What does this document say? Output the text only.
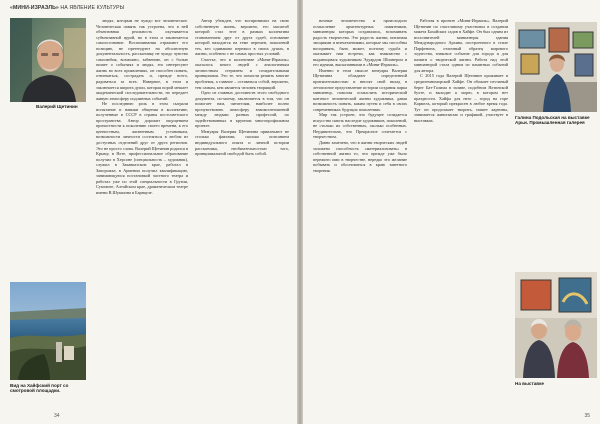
«МИНИ-ИЗРАЭЛЬ» НА ЯВЛЕНИЕ КУЛЬТУРЫ
Валерий Щетинин
Вид на Хайфский порт со смотровой площадки.

людях, которым не чуждо все человеческое. Человеческая память так устроена, что в ней объективная реальность окутывается субъективной аурой, но в этом и заключается самоосознание. Воспоминания отражают его позицию, не претендуют на абсолютную документальность, рассказчику не чуждо чувство самолюбия, возможно, забвению, он с болью пишет о событиях и людях, его интересуют жизнь во всех проявлениях, он способен понять, отвлекаться, сострадать и, прежде всего, радоваться за всех. Наверное, в этом и заключается широта души, которая порой мешает академической последовательности, но передает живую атмосферу подлинных событий.

Не последнюю роль в этом сыграли испытание и навыки общения в коллективе, полученные в СССР в страны постсоветского пространства. Автор дорожит ощущением причастности к поколению своего времени, к его ценностным, жизненным установкам, возможности личности состояться в любом из доступных отделений друг от друга регионов. Это не просто слова. Валерий Щетинин родился в Крыму, в Ялте, профессиональное образование получил в Херсоне (специальность – художник), служил в Закавказском крае, работал в Запорожье, в Армении получил квалификацию, занимающуюся постановкой частного театра и работал уже по этой специальности в Грузии, Сумгаите, Алтайском крае, драматическом театре имени В.Шукшина в Барнауле.

Автор убежден, что воспринимал на свою собственную жизнь, вероятно, его масштаб которой стал этот в рамках коллектива становлением друг от друга судеб, основание которой находится на теме перемен, поколений тех, кто одинаково пережил в своих душах, в жизни, особенно с не самых простых условий.

Счастье, что в коллективе «Мини-Израиль» оказалось много людей с аналогичным личностным стержнем и созидательными принципами. Это те, что помогли решить многие проблемы, а главное – оставаться собой, вероятно, тем самым, кем является человек творящий.

Одно из главных достоинств этого свободного документа, по-моему, заключается в том, что он помогает нам, читателям, наиболее полно прочувствовать атмосферу взаимоотношений между людьми разных профессий, по задействованных в крупном многопрофильном проекте.

Мемуары Валерия Щетинина привлекают не столько фактами, сколько описанием индивидуального опыта и личной истории рассказчика, необязательностью того, принципиальной свободой быть собой.

34

ночные человечества и происходило осмысление архитектурных памятников, миниатюры которых создавались, вспоминать радость творчества. Это радость жизни, питаемая эмоциями и впечатлениями, которые мы способны воспринять, быть может, поэтому судьба и оказывает нам встречи, как знакомство с выдающимся художником Эдуардом Шпанером и его идеями, высказанными в «Мини-Израиль».

Именно в этом смысле мемуары Валерия Щетинина обладают определенной притягательностью и вносят свой вклад в летописное представление истории создания парка миниатюр, помогая осмыслить исторический контекст человеческой жизни художника, давая возможность понять, каким путем и себя в своих современниках будущих поколениях.

Мир так устроен, что будущее созидается искусства сквозь наследие художников, поколений, не столько их собственных, сколько особенных. Неудивительно, что Прекрасное сочетается с творчеством.

Давно замечено, что в жизни творческих людей заложено способность «материализовать» в собственной жизни то, что прежде уже было пережито ими в творчестве, нередко это желание побывать и обосноваться в краю заветного творения.

Работая в проекте «Мини-Израиль», Валерий Щетинин по счастливому участвовал в создании макета Бахайских садов в Хайфе. Он был одним из исполнителей миниатюры здания Международного Архива, построенного в стиле Парфенона, отличный образец мирового зодчества, знаковое событие для города и для памяти о творческой жизни. Работа над этой миниатюрой стала одним из памятных событий для автора.

С 2015 года Валерий Щетинин проживает в средиземноморской Хайфе. Он обожает песчаный берег Бат-Галима в заливе, подобном Ялтинской бухте, и выходит к морю, в котором нет праздности. Хайфа для него – город на горе Кармель, который прекрасен в любое время года. Тут он продолжает творить, пишет картины, занимается живописью и графикой, участвует в выставках.

Галина Подольская на выставке Арьи. Промышленная галерея
На выставке
35
